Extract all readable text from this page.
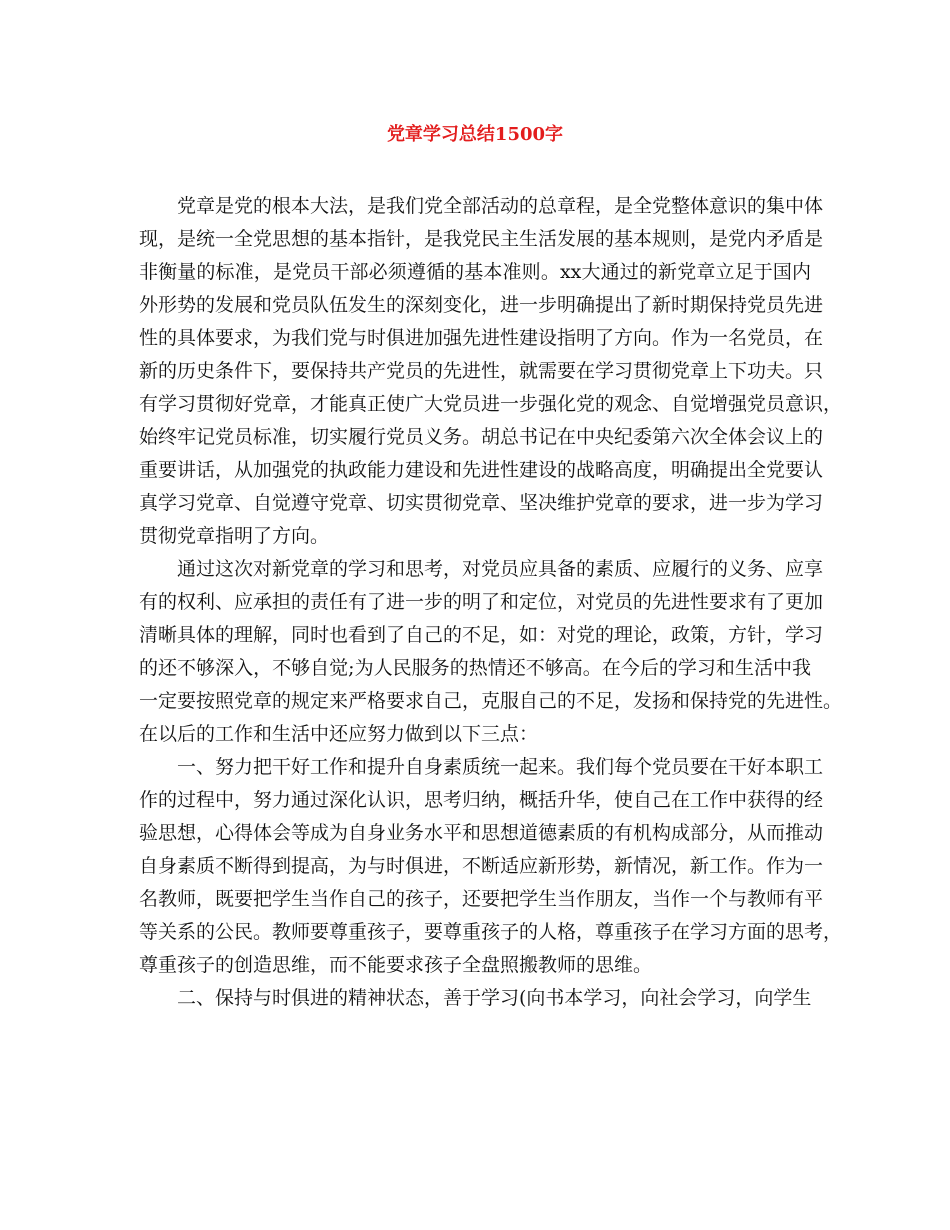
党章学习总结1500字
党章是党的根本大法，是我们党全部活动的总章程，是全党整体意识的集中体
现，是统一全党思想的基本指针，是我党民主生活发展的基本规则，是党内矛盾是
非衡量的标准，是党员干部必须遵循的基本准则。xx大通过的新党章立足于国内
外形势的发展和党员队伍发生的深刻变化，进一步明确提出了新时期保持党员先进
性的具体要求，为我们党与时俱进加强先进性建设指明了方向。作为一名党员，在
新的历史条件下，要保持共产党员的先进性，就需要在学习贯彻党章上下功夫。只
有学习贯彻好党章，才能真正使广大党员进一步强化党的观念、自觉增强党员意识，
始终牢记党员标准，切实履行党员义务。胡总书记在中央纪委第六次全体会议上的
重要讲话，从加强党的执政能力建设和先进性建设的战略高度，明确提出全党要认
真学习党章、自觉遵守党章、切实贯彻党章、坚决维护党章的要求，进一步为学习
贯彻党章指明了方向。
通过这次对新党章的学习和思考，对党员应具备的素质、应履行的义务、应享
有的权利、应承担的责任有了进一步的明了和定位，对党员的先进性要求有了更加
清晰具体的理解，同时也看到了自己的不足，如：对党的理论，政策，方针，学习
的还不够深入，不够自觉;为人民服务的热情还不够高。在今后的学习和生活中我
一定要按照党章的规定来严格要求自己，克服自己的不足，发扬和保持党的先进性。
在以后的工作和生活中还应努力做到以下三点：
一、努力把干好工作和提升自身素质统一起来。我们每个党员要在干好本职工
作的过程中，努力通过深化认识，思考归纳，概括升华，使自己在工作中获得的经
验思想，心得体会等成为自身业务水平和思想道德素质的有机构成部分，从而推动
自身素质不断得到提高，为与时俱进，不断适应新形势，新情况，新工作。作为一
名教师，既要把学生当作自己的孩子，还要把学生当作朋友，当作一个与教师有平
等关系的公民。教师要尊重孩子，要尊重孩子的人格，尊重孩子在学习方面的思考，
尊重孩子的创造思维，而不能要求孩子全盘照搬教师的思维。
二、保持与时俱进的精神状态，善于学习(向书本学习，向社会学习，向学生
